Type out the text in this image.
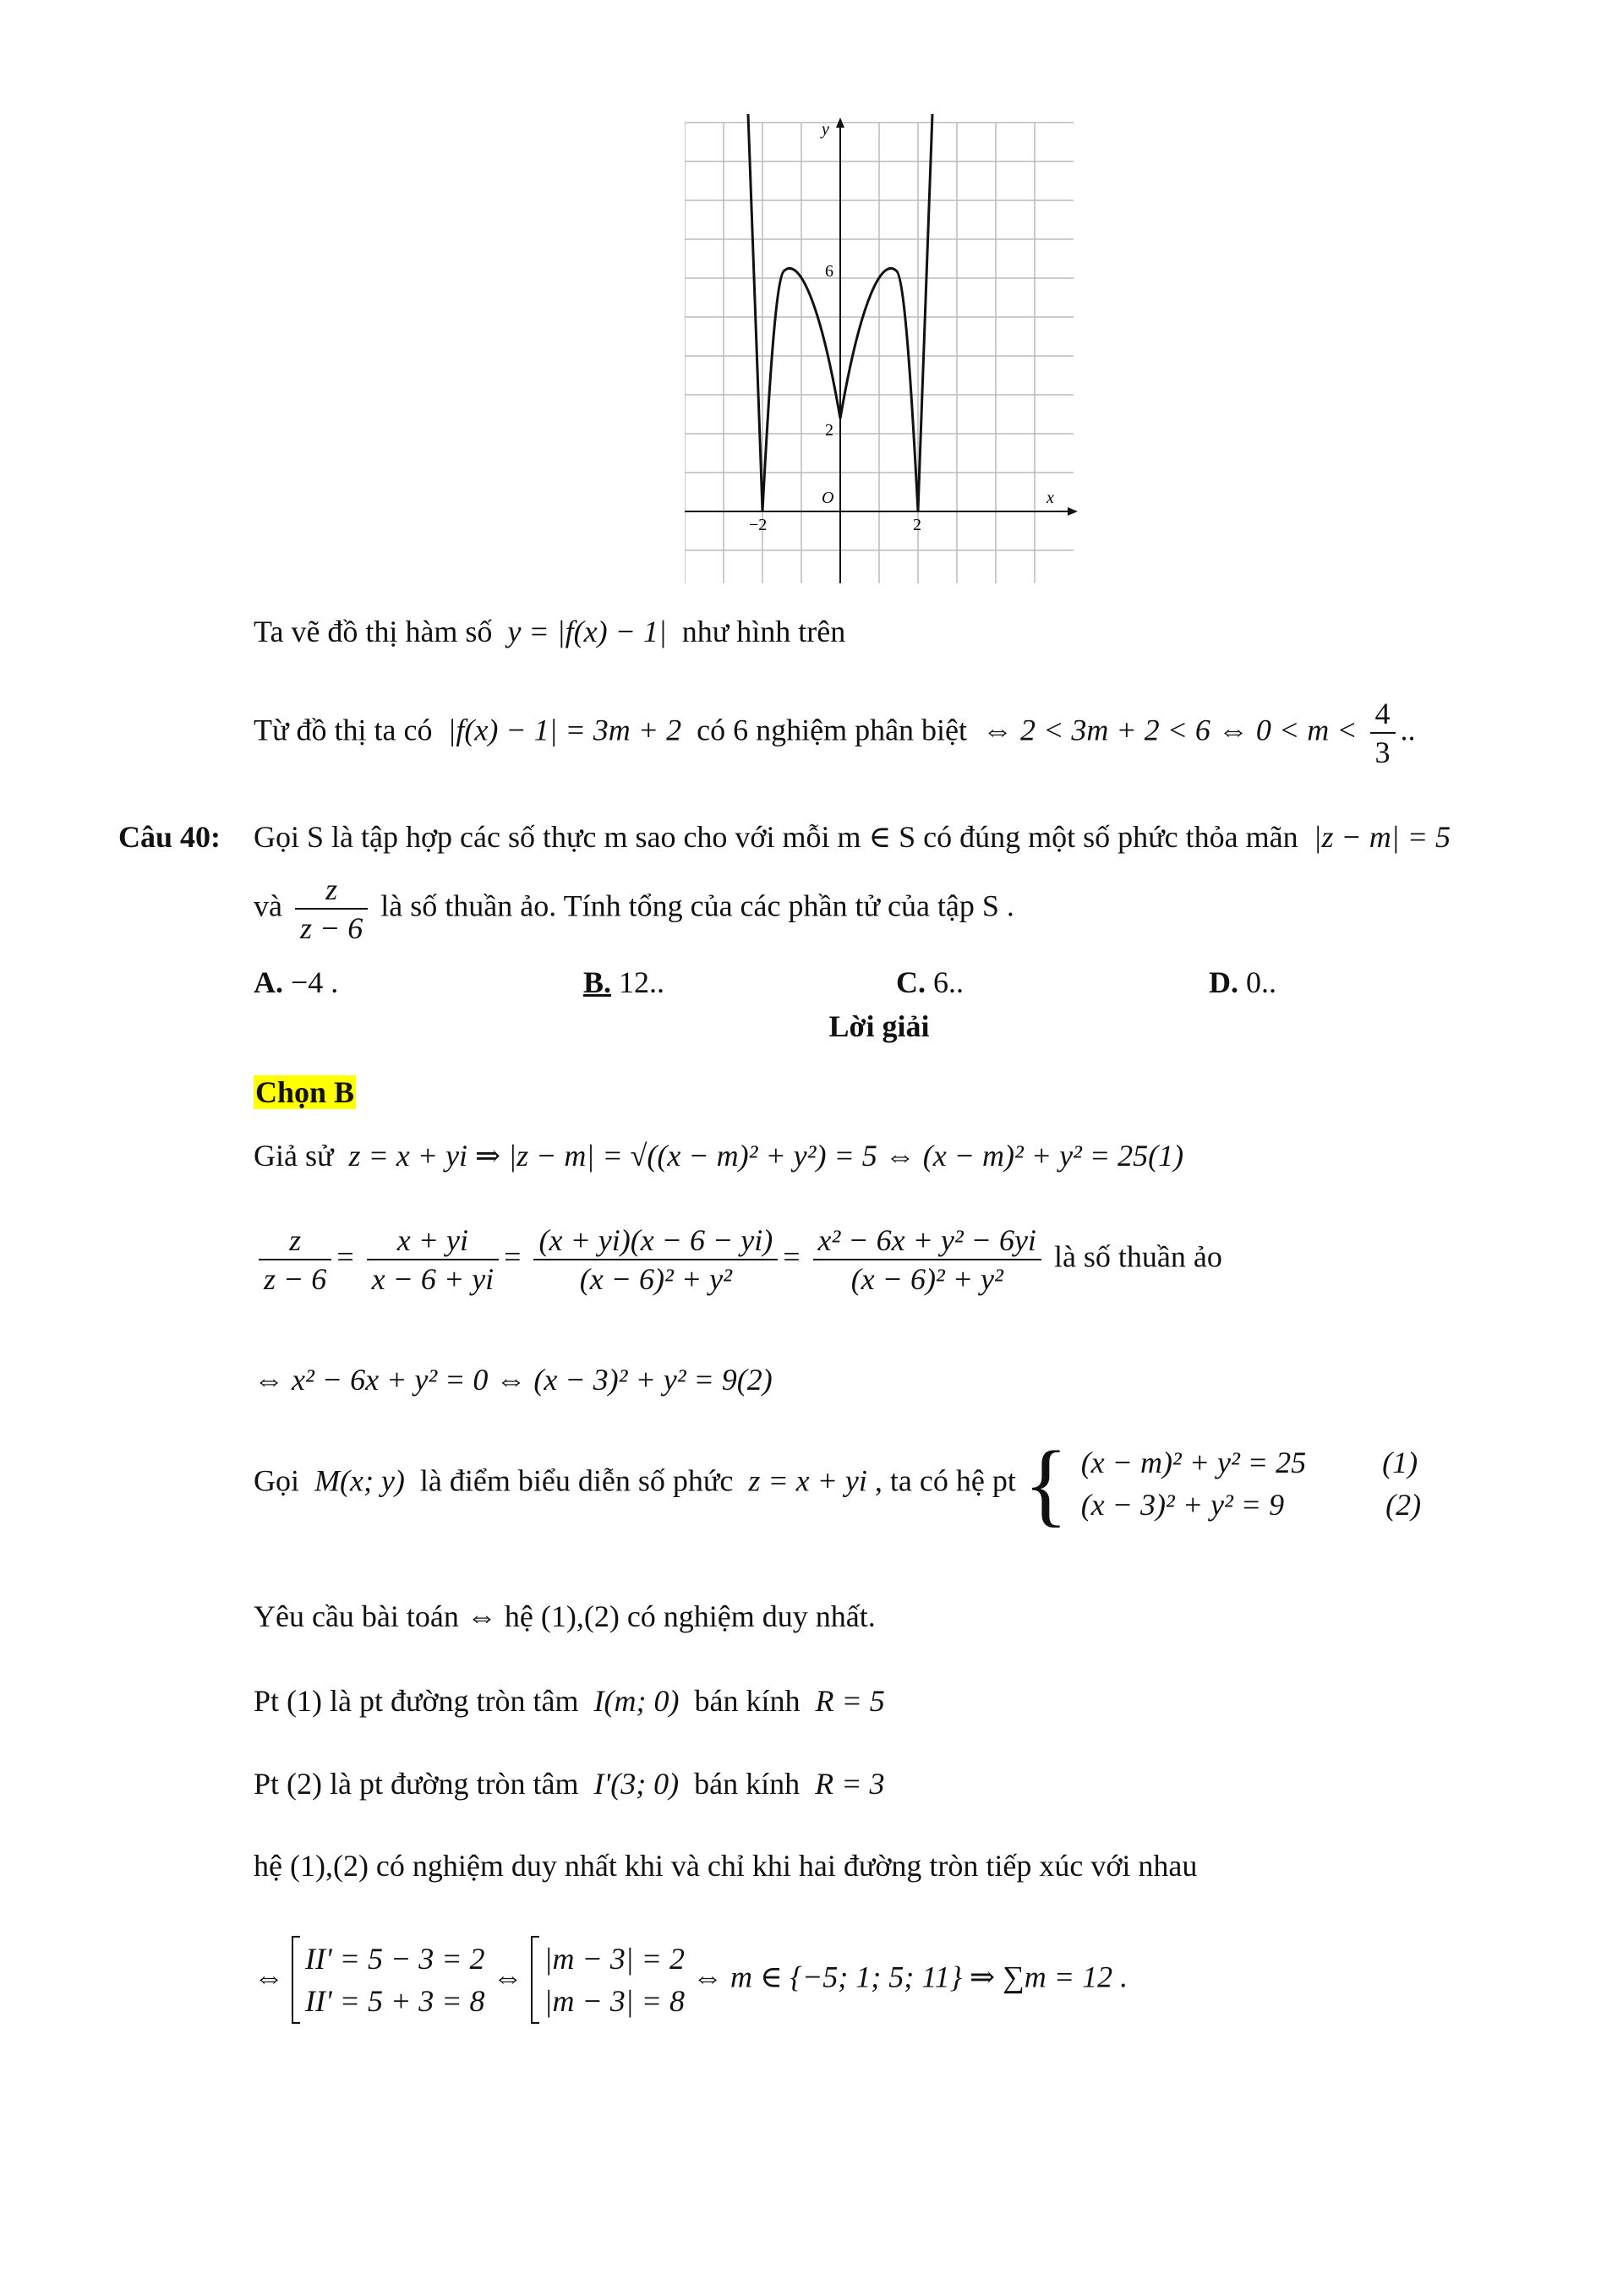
y
x
O
6
2
−2	2
Ta vẽ đồ thị hàm số y = |f(x) − 1| như hình trên
Từ đồ thị ta có |f(x) − 1| = 3m + 2 có 6 nghiệm phân biệt ⇔ 2 < 3m + 2 < 6 ⇔ $0 < m < \frac{4}{3}$ ..
Câu 40: Gọi S là tập hợp các số thực m sao cho với mỗi m ∈ S có đúng một số phức thỏa mãn |z − m| = 5
và $\frac{z}{z - 6}$ là số thuần ảo. Tính tổng của các phần tử của tập S .
A. −4 .	B. 12..	C. 6..	D. 0..
Lời giải
Chọn B
Giả sử z = x + yi ⇒ |z − m| = √((x − m)² + y²) = 5 ⇔ (x − m)² + y² = 25(1)
$\frac{z}{z - 6} = \frac{x + yi}{x - 6 + yi} = \frac{(x + yi)(x - 6 - yi)}{\text{(x − 6)² + y²}} = \frac{\text{x² − 6x + y² − 6yi}}{\text{(x − 6)² + y²}}$ là số thuần ảo
⇔ x² − 6x + y² = 0 ⇔ (x − 3)² + y² = 9(2)
Gọi M(x; y) là điểm biểu diễn số phức z = x + yi , ta có hệ pt { (x − m)² + y² = 25	(1)
(x − 3)² + y² = 9	(2)
Yêu cầu bài toán ⇔ hệ (1),(2) có nghiệm duy nhất.
Pt (1) là pt đường tròn tâm I(m; 0) bán kính R = 5
Pt (2) là pt đường tròn tâm I'(3; 0) bán kính R = 3
hệ (1),(2) có nghiệm duy nhất khi và chỉ khi hai đường tròn tiếp xúc với nhau
⇔
II' = 5 − 3 = 2
II' = 5 + 3 = 8
⇔
|m − 3| = 2
|m − 3| = 8
⇔ m ∈ {−5; 1; 5; 11} ⇒ ∑m = 12 .
